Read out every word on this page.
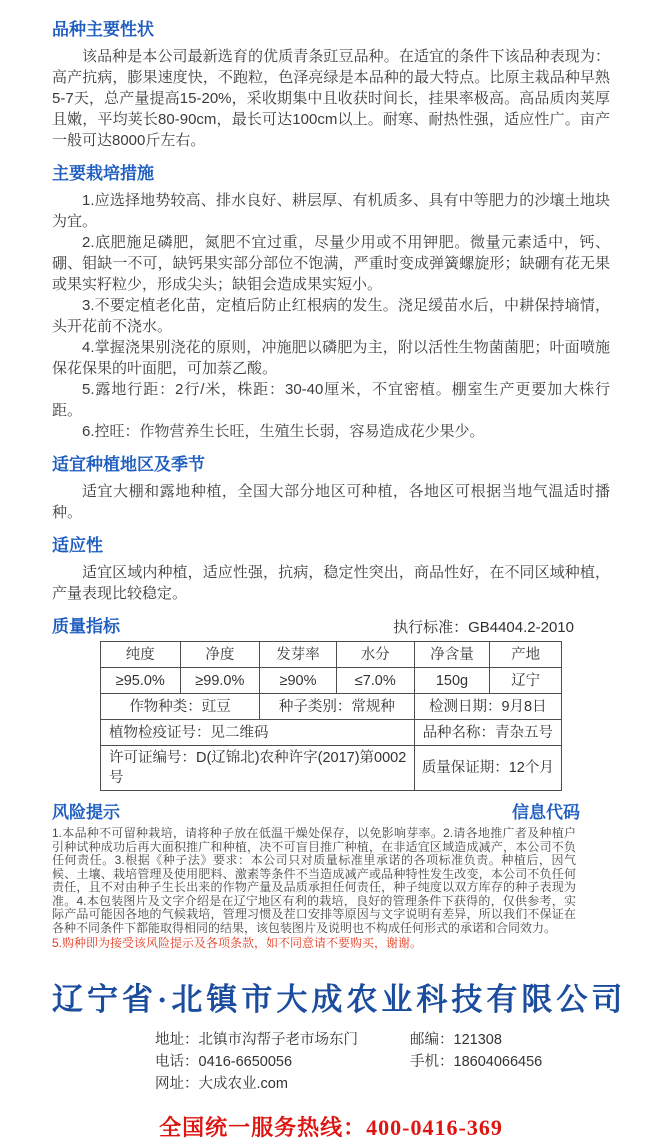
品种主要性状

该品种是本公司最新选育的优质青条豇豆品种。在适宜的条件下该品种表现为：高产抗病，膨果速度快，不跑粒，色泽亮绿是本品种的最大特点。比原主栽品种早熟5-7天，总产量提高15-20%，采收期集中且收获时间长，挂果率极高。高品质肉荚厚且嫩，平均荚长80-90cm，最长可达100cm以上。耐寒、耐热性强，适应性广。亩产一般可达8000斤左右。

主要栽培措施

1.应选择地势较高、排水良好、耕层厚、有机质多、具有中等肥力的沙壤土地块为宜。

2.底肥施足磷肥，氮肥不宜过重，尽量少用或不用钾肥。微量元素适中，钙、硼、钼缺一不可，缺钙果实部分部位不饱满，严重时变成弹簧螺旋形；缺硼有花无果或果实籽粒少，形成尖头；缺钼会造成果实短小。

3.不要定植老化苗，定植后防止红根病的发生。浇足缓苗水后，中耕保持墒情，头开花前不浇水。

4.掌握浇果别浇花的原则，冲施肥以磷肥为主，附以活性生物菌菌肥；叶面喷施保花保果的叶面肥，可加萘乙酸。

5.露地行距：2行/米，株距：30-40厘米，不宜密植。棚室生产更要加大株行距。

6.控旺：作物营养生长旺，生殖生长弱，容易造成花少果少。

适宜种植地区及季节

适宜大棚和露地种植，全国大部分地区可种植，各地区可根据当地气温适时播种。

适应性

适宜区域内种植，适应性强，抗病，稳定性突出，商品性好，在不同区域种植，产量表现比较稳定。

质量指标	执行标准：GB4404.2-2010
纯度	净度	发芽率	水分	净含量	产地
≥95.0%	≥99.0%	≥90%	≤7.0%	150g	辽宁
作物种类：豇豆		种子类别：常规种		检测日期：9月8日	
植物检疫证号：见二维码				品种名称：青杂五号	
许可证编号：D(辽锦北)农种许字(2017)第0002号				质量保证期：12个月	
风险提示	信息代码

1.本品种不可留种栽培，请将种子放在低温干燥处保存，以免影响芽率。2.请各地推广者及种植户引种试种成功后再大面积推广和种植，决不可盲目推广种植，在非适宜区域造成减产，本公司不负任何责任。3.根据《种子法》要求：本公司只对质量标准里承诺的各项标准负责。种植后，因气候、土壤、栽培管理及使用肥料、激素等条件不当造成减产或品种特性发生改变，本公司不负任何责任，且不对由种子生长出来的作物产量及品质承担任何责任，种子纯度以双方库存的种子表现为准。4.本包装图片及文字介绍是在辽宁地区有利的栽培，良好的管理条件下获得的，仅供参考，实际产品可能因各地的气候栽培，管理习惯及茬口安排等原因与文字说明有差异，所以我们不保证在各种不同条件下都能取得相同的结果，该包装图片及说明也不构成任何形式的承诺和合同效力。

5.购种即为接受该风险提示及各项条款，如不同意请不要购买，谢谢。

辽宁省·北镇市大成农业科技有限公司
地址：北镇市沟帮子老市场东门	邮编：121308
电话：0416-6650056	手机：18604066456
网址：大成农业.com
全国统一服务热线：400-0416-369
